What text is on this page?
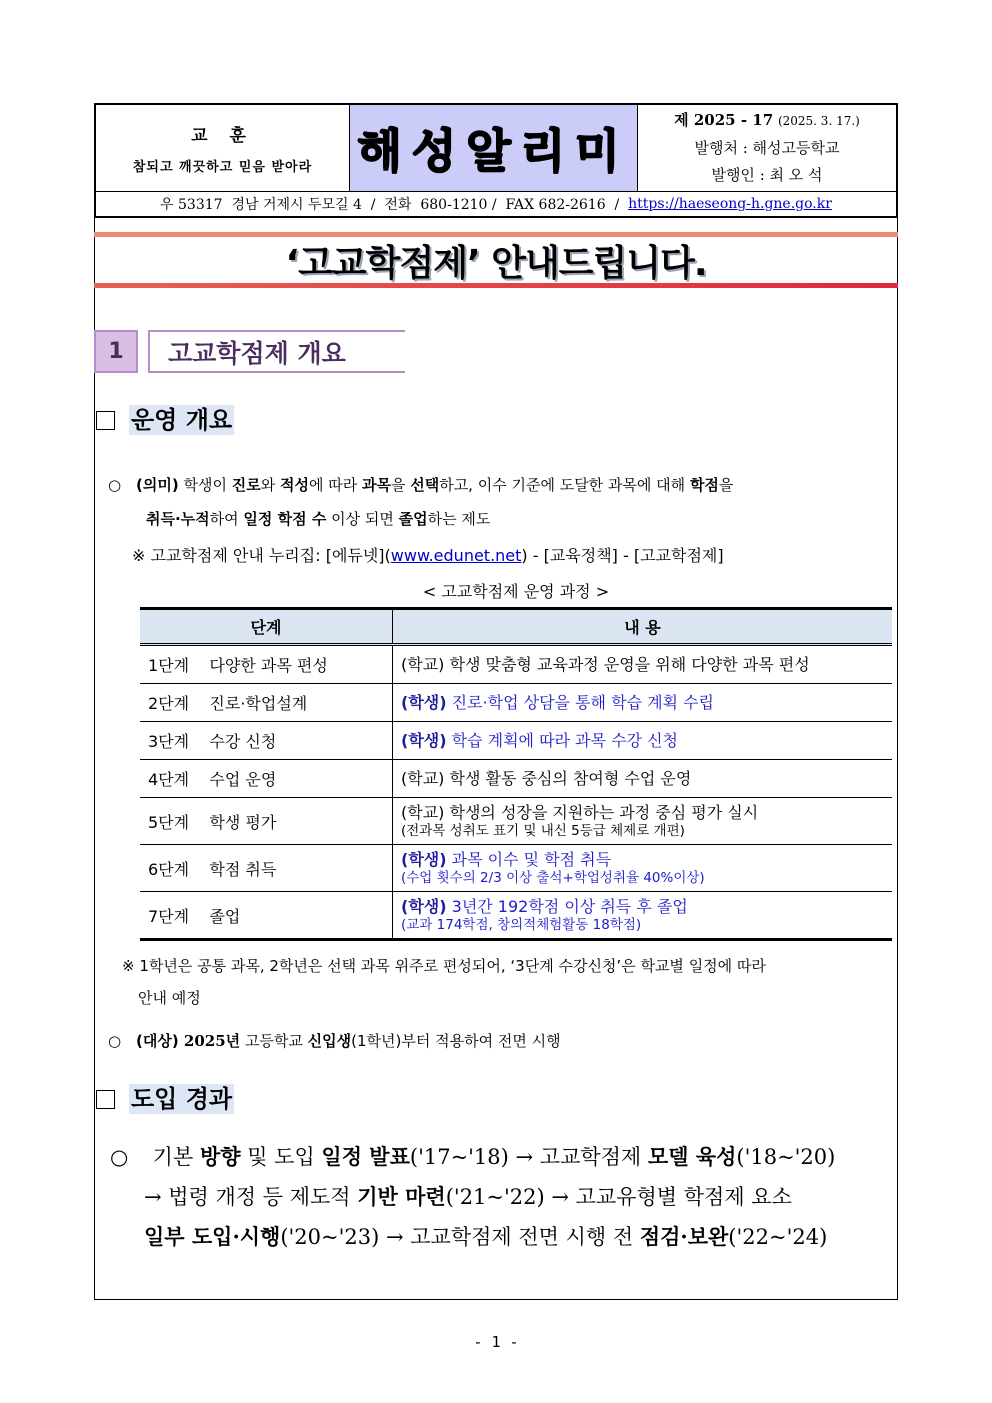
교 훈
참되고 깨끗하고 믿음 받아라 해성알리미
제 2025 - 17 (2025. 3. 17.)
발행처 : 해성고등학교
발행인 : 최 오 석
우 53317  경남 거제시 두모길 4  /  전화  680-1210 /  FAX 682-2616  / https://haeseong-h.gne.go.kr
‘고교학점제’ 안내드립니다.
1	고교학점제 개요
운영 개요
○ (의미) 학생이 진로와 적성에 따라 과목을 선택하고, 이수 기준에 도달한 과목에 대해 학점을
취득·누적하여 일정 학점 수 이상 되면 졸업하는 제도
※ 고교학점제 안내 누리집: [에듀넷](www.edunet.net) - [교육정책] - [고교학점제]
< 고교학점제 운영 과정 >
단계	내 용
1단계    다양한 과목 편성	(학교) 학생 맞춤형 교육과정 운영을 위해 다양한 과목 편성

2단계    진로·학업설계	(학생) 진로·학업 상담을 통해 학습 계획 수립

3단계    수강 신청	(학생) 학습 계획에 따라 과목 수강 신청

4단계    수업 운영	(학교) 학생 활동 중심의 참여형 수업 운영

5단계    학생 평가	(학교) 학생의 성장을 지원하는 과정 중심 평가 실시
(전과목 성취도 표기 및 내신 5등급 체제로 개편)

6단계    학점 취득	(학생) 과목 이수 및 학점 취득
(수업 횟수의 2/3 이상 출석+학업성취율 40%이상)

7단계    졸업	(학생) 3년간 192학점 이상 취득 후 졸업
(교과 174학점, 창의적체험활동 18학점)
※ 1학년은 공통 과목, 2학년은 선택 과목 위주로 편성되어, ‘3단계 수강신청’은 학교별 일정에 따라
안내 예정
○ (대상) 2025년 고등학교 신입생(1학년)부터 적용하여 전면 시행
도입 경과
○ 기본 방향 및 도입 일정 발표('17~'18) → 고교학점제 모델 육성('18~'20)
→ 법령 개정 등 제도적 기반 마련('21~'22) → 고교유형별 학점제 요소
일부 도입·시행('20~'23) → 고교학점제 전면 시행 전 점검·보완('22~'24)
- 1 -
